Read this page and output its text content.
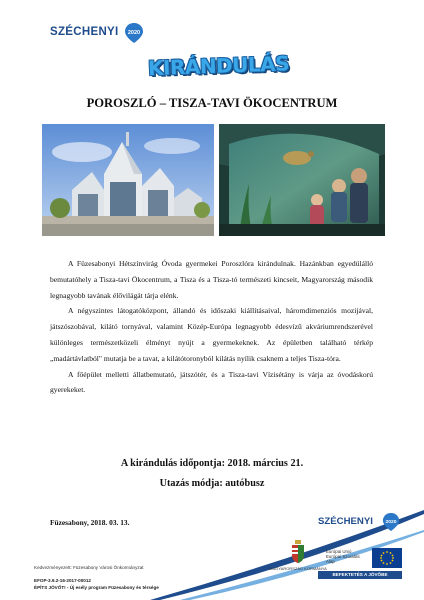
SZÉCHENYI 2020
KIRÁNDULÁS
POROSZLÓ – TISZA-TAVI ÖKOCENTRUM

A Füzesabonyi Hétszínvirág Óvoda gyermekei Poroszlóra kirándulnak. Hazánkban egyedülálló bemutatóhely a Tisza-tavi Ökocentrum, a Tisza és a Tisza-tó természeti kincseit, Magyarország második legnagyobb tavának élővilágát tárja elénk.

A négyszintes látogatóközpont, állandó és időszaki kiállításaival, háromdimenziós mozijával, játszószobával, kilátó tornyával, valamint Közép-Európa legnagyobb édesvízű akváriumrendszerével különleges természetközeli élményt nyújt a gyermekeknek. Az épületben található térkép „madártávlatból" mutatja be a tavat, a kilátótoronyból kilátás nyílik csaknem a teljes Tisza-tóra.

A főépület melletti állatbemutató, játszótér, és a Tisza-tavi Vízisétány is várja az óvodáskorú gyerekeket.

A kirándulás időpontja: 2018. március 21.
Utazás módja: autóbusz
Füzesabony, 2018. 03. 13.	SZÉCHENYI 2020
Kedvezményezett: Füzesabony Városi Önkormányzat
EFOP-3.9.2-16-2017-00012
ÉPÍTS JÖVŐT! - Új esély program Füzesabony és térsége
MAGYARORSZÁG KORMÁNYA
Európai Unió
Európai Szociális
Alap
BEFEKTETÉS A JÖVŐBE
